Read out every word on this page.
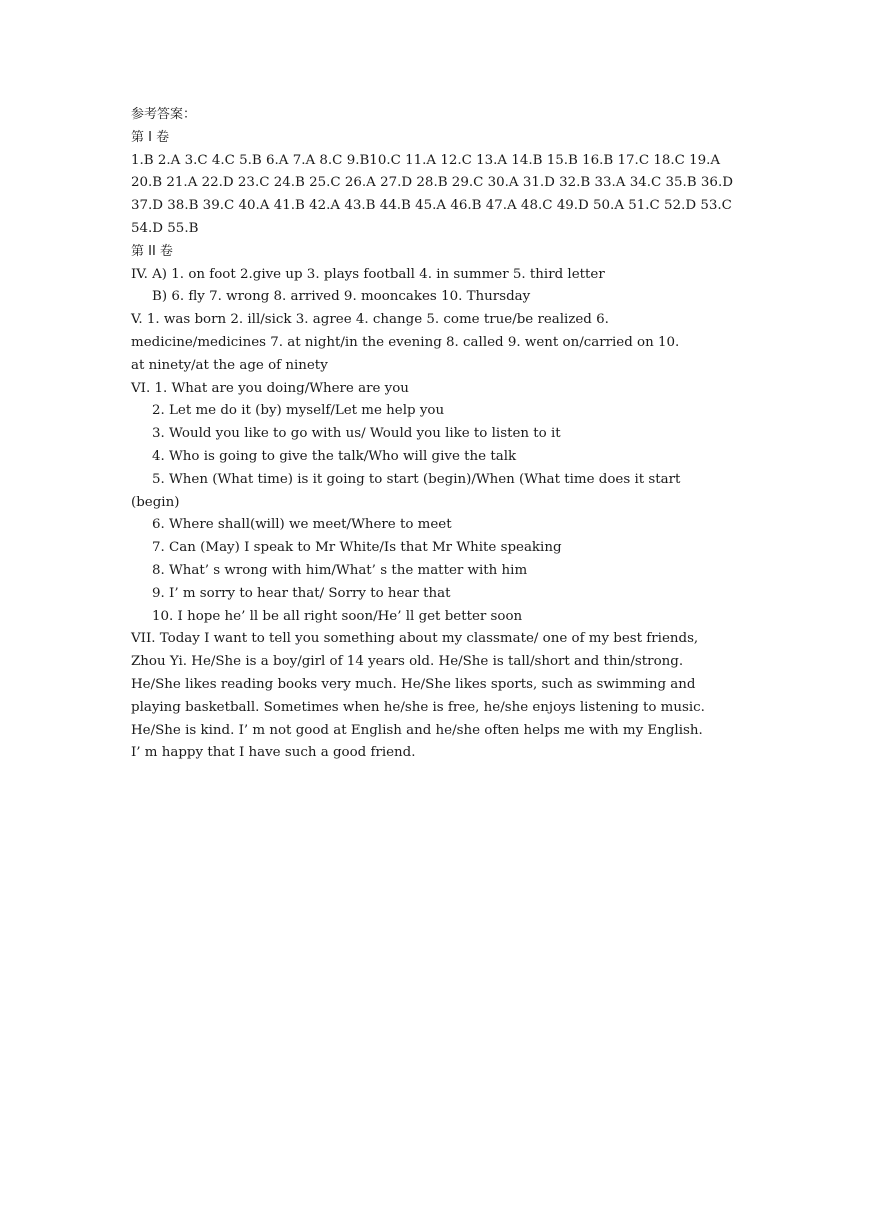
参考答案：
第 I 卷
1.B 2.A 3.C 4.C 5.B 6.A 7.A 8.C 9.B10.C 11.A 12.C 13.A 14.B 15.B 16.B 17.C 18.C 19.A
20.B 21.A 22.D 23.C 24.B 25.C 26.A 27.D 28.B 29.C 30.A 31.D 32.B 33.A 34.C 35.B 36.D
37.D 38.B 39.C 40.A 41.B 42.A 43.B 44.B 45.A 46.B 47.A 48.C 49.D 50.A 51.C 52.D 53.C
54.D 55.B
第 II 卷
IV. A) 1. on foot 2.give up 3. plays football 4. in summer 5. third letter
B) 6. fly 7. wrong 8. arrived 9. mooncakes 10. Thursday
V. 1. was born 2. ill/sick 3. agree 4. change 5. come true/be realized 6.
medicine/medicines 7. at night/in the evening 8. called 9. went on/carried on 10.
at ninety/at the age of ninety
VI. 1. What are you doing/Where are you
2. Let me do it (by) myself/Let me help you
3. Would you like to go with us/ Would you like to listen to it
4. Who is going to give the talk/Who will give the talk
5. When (What time) is it going to start (begin)/When (What time does it start
(begin)
6. Where shall(will) we meet/Where to meet
7. Can (May) I speak to Mr White/Is that Mr White speaking
8. What’ s wrong with him/What’ s the matter with him
9. I’ m sorry to hear that/ Sorry to hear that
10. I hope he’ ll be all right soon/He’ ll get better soon
VII. Today I want to tell you something about my classmate/ one of my best friends,
Zhou Yi. He/She is a boy/girl of 14 years old. He/She is tall/short and thin/strong.
He/She likes reading books very much. He/She likes sports, such as swimming and
playing basketball. Sometimes when he/she is free, he/she enjoys listening to music.
He/She is kind. I’ m not good at English and he/she often helps me with my English.
I’ m happy that I have such a good friend.
